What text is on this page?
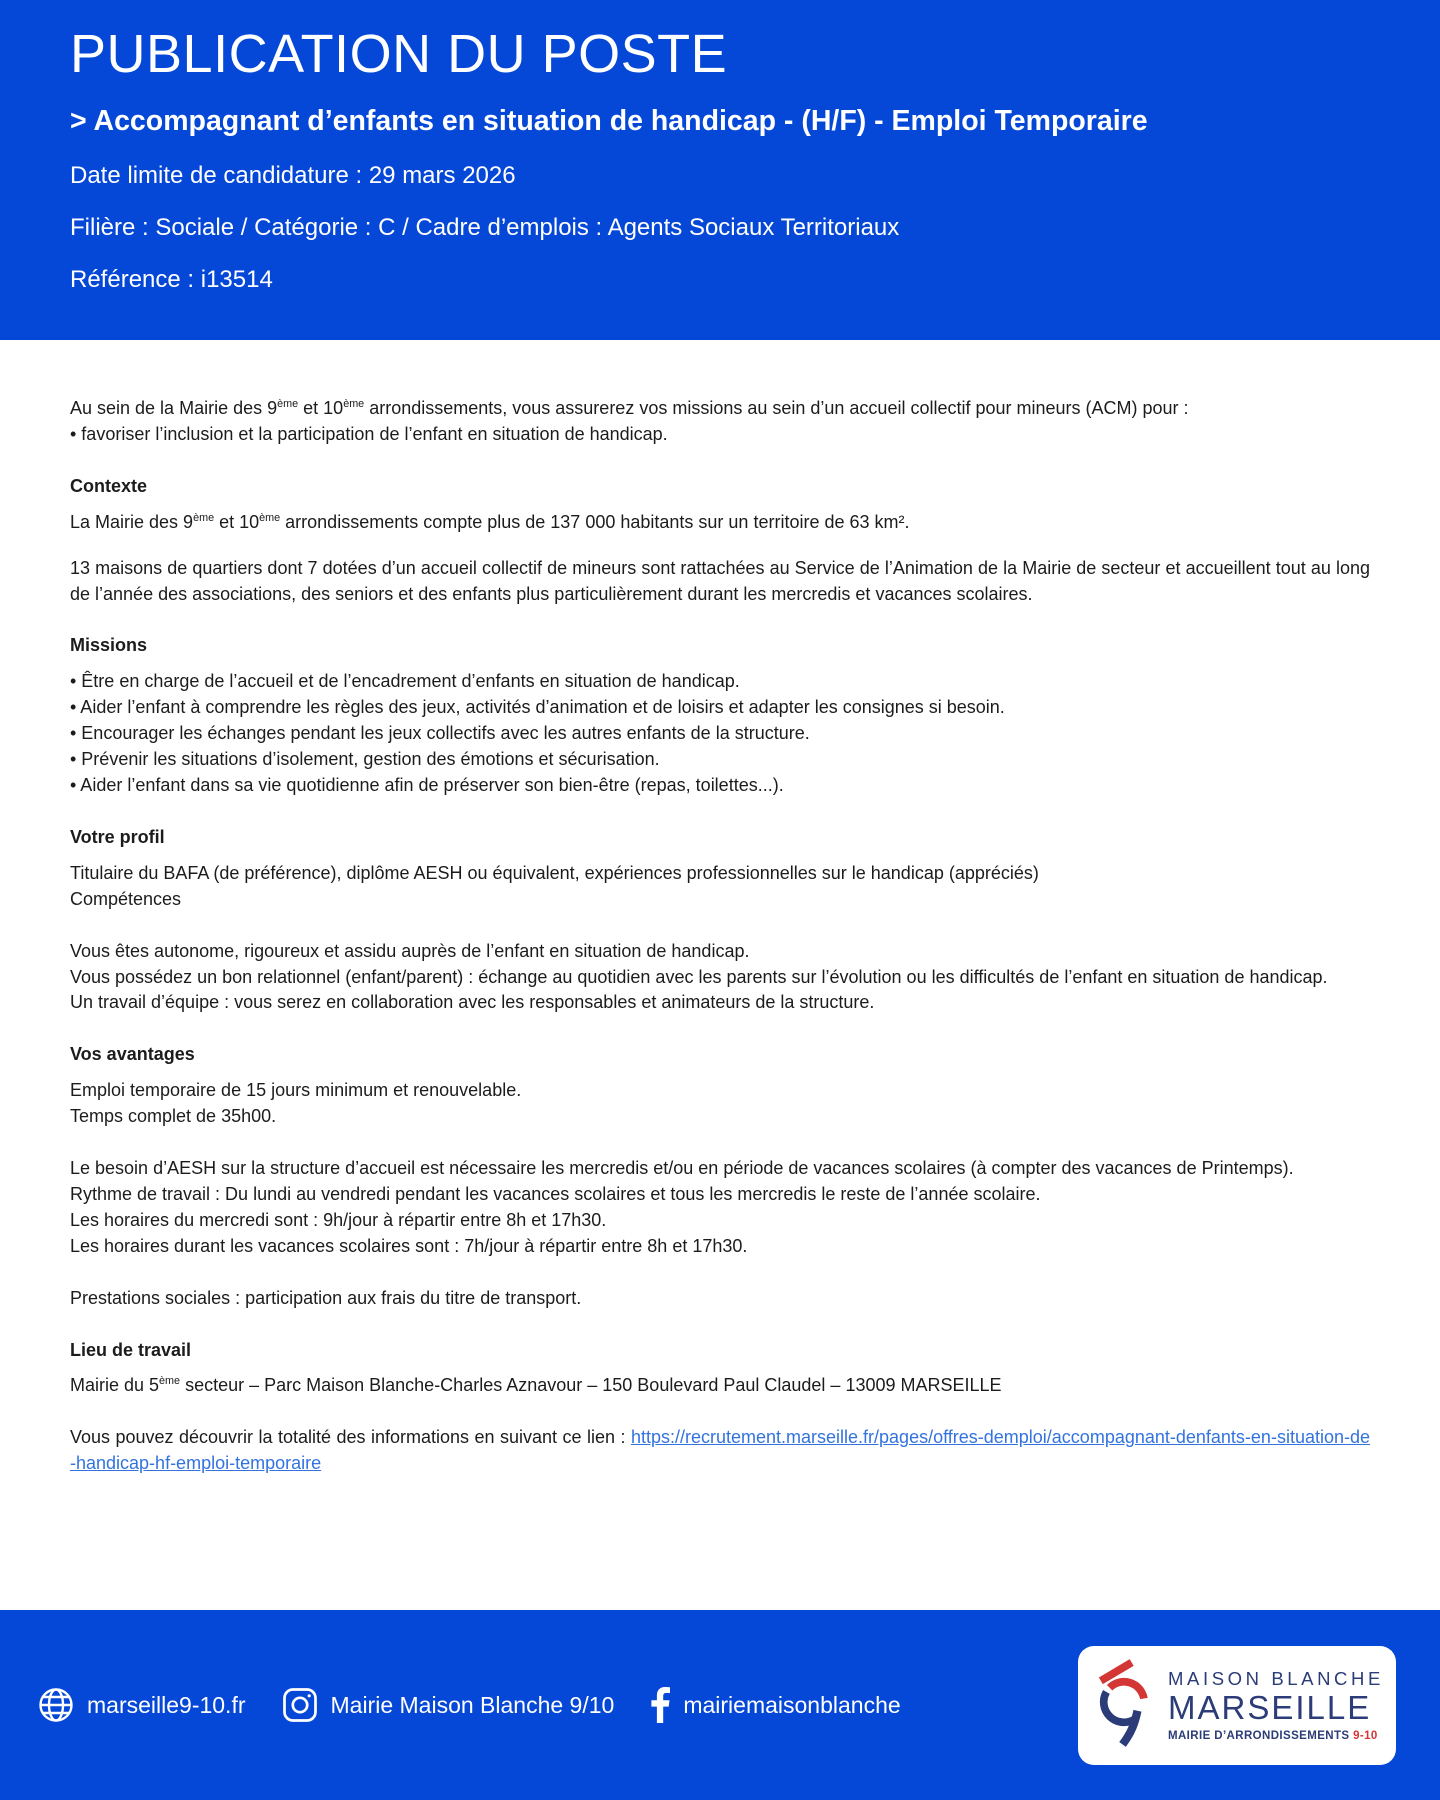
PUBLICATION DU POSTE
> Accompagnant d’enfants en situation de handicap - (H/F) - Emploi Temporaire
Date limite de candidature : 29 mars 2026
Filière : Sociale / Catégorie : C / Cadre d’emplois : Agents Sociaux Territoriaux
Référence : i13514

Au sein de la Mairie des 9ème et 10ème arrondissements, vous assurerez vos missions au sein d’un accueil collectif pour mineurs (ACM) pour :

• favoriser l’inclusion et la participation de l’enfant en situation de handicap.

Contexte

La Mairie des 9ème et 10ème arrondissements compte plus de 137 000 habitants sur un territoire de 63 km².

13 maisons de quartiers dont 7 dotées d’un accueil collectif de mineurs sont rattachées au Service de l’Animation de la Mairie de secteur et accueillent tout au long de l’année des associations, des seniors et des enfants plus particulièrement durant les mercredis et vacances scolaires.

Missions

• Être en charge de l’accueil et de l’encadrement d’enfants en situation de handicap.

• Aider l’enfant à comprendre les règles des jeux, activités d’animation et de loisirs et adapter les consignes si besoin.

• Encourager les échanges pendant les jeux collectifs avec les autres enfants de la structure.

• Prévenir les situations d’isolement, gestion des émotions et sécurisation.

• Aider l’enfant dans sa vie quotidienne afin de préserver son bien-être (repas, toilettes...).

Votre profil

Titulaire du BAFA (de préférence), diplôme AESH ou équivalent, expériences professionnelles sur le handicap (appréciés)

Compétences

Vous êtes autonome, rigoureux et assidu auprès de l’enfant en situation de handicap.

Vous possédez un bon relationnel (enfant/parent) : échange au quotidien avec les parents sur l’évolution ou les difficultés de l’enfant en situation de handicap.

Un travail d’équipe : vous serez en collaboration avec les responsables et animateurs de la structure.

Vos avantages

Emploi temporaire de 15 jours minimum et renouvelable.

Temps complet de 35h00.

Le besoin d’AESH sur la structure d’accueil est nécessaire les mercredis et/ou en période de vacances scolaires (à compter des vacances de Printemps).

Rythme de travail : Du lundi au vendredi pendant les vacances scolaires et tous les mercredis le reste de l’année scolaire.

Les horaires du mercredi sont : 9h/jour à répartir entre 8h et 17h30.

Les horaires durant les vacances scolaires sont : 7h/jour à répartir entre 8h et 17h30.

Prestations sociales : participation aux frais du titre de transport.

Lieu de travail

Mairie du 5ème secteur – Parc Maison Blanche-Charles Aznavour – 150 Boulevard Paul Claudel – 13009 MARSEILLE

Vous pouvez découvrir la totalité des informations en suivant ce lien : https://recrutement.marseille.fr/pages/offres-demploi/accompagnant-denfants-en-situation-de-handicap-hf-emploi-temporaire

marseille9-10.fr	Mairie Maison Blanche 9/10	mairiemaisonblanche
MAISON BLANCHE
MARSEILLE
MAIRIE D’ARRONDISSEMENTS 9-10
